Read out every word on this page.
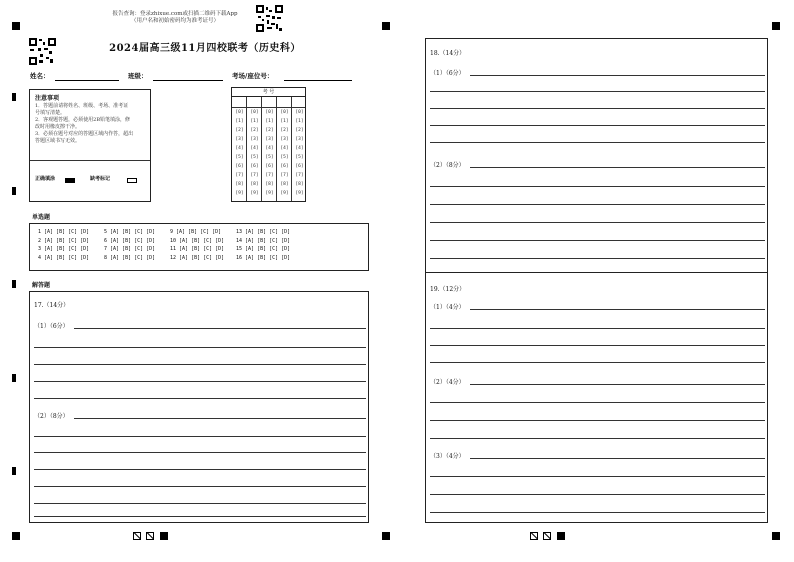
报告查询：登录zhixue.com或扫描二维码下载App
（用户名和初始密码均为准考证号）
2024届高三级11月四校联考（历史科）
姓名：	班级：	考场/座位号：
注意事项
1．答题前请将姓名、班级、考场、准考证
号填写清楚。
2．客观题答题，必须使用2B铅笔填涂，修
改时用橡皮擦干净。
3．必须在题号对应的答题区域内作答，超出
答题区域书写无效。
正确填涂	缺考标记
考 号
[0]	[0]	[0]	[0]	[0]
[1]	[1]	[1]	[1]	[1]
[2]	[2]	[2]	[2]	[2]
[3]	[3]	[3]	[3]	[3]
[4]	[4]	[4]	[4]	[4]
[5]	[5]	[5]	[5]	[5]
[6]	[6]	[6]	[6]	[6]
[7]	[7]	[7]	[7]	[7]
[8]	[8]	[8]	[8]	[8]
[9]	[9]	[9]	[9]	[9]
单选题
1 [A] [B] [C] [D]	5 [A] [B] [C] [D]	9 [A] [B] [C] [D]	13 [A] [B] [C] [D]
2 [A] [B] [C] [D]	6 [A] [B] [C] [D]	10 [A] [B] [C] [D] 14 [A] [B] [C] [D]
3 [A] [B] [C] [D]	7 [A] [B] [C] [D]	11 [A] [B] [C] [D] 15 [A] [B] [C] [D]
4 [A] [B] [C] [D]	8 [A] [B] [C] [D]	12 [A] [B] [C] [D] 16 [A] [B] [C] [D]
解答题
17.（14分）
（1）（6分）
（2）（8分）
18.（14分）
（1）（6分）
（2）（8分）
19.（12分）
（1）（4分）
（2）（4分）
（3）（4分）
